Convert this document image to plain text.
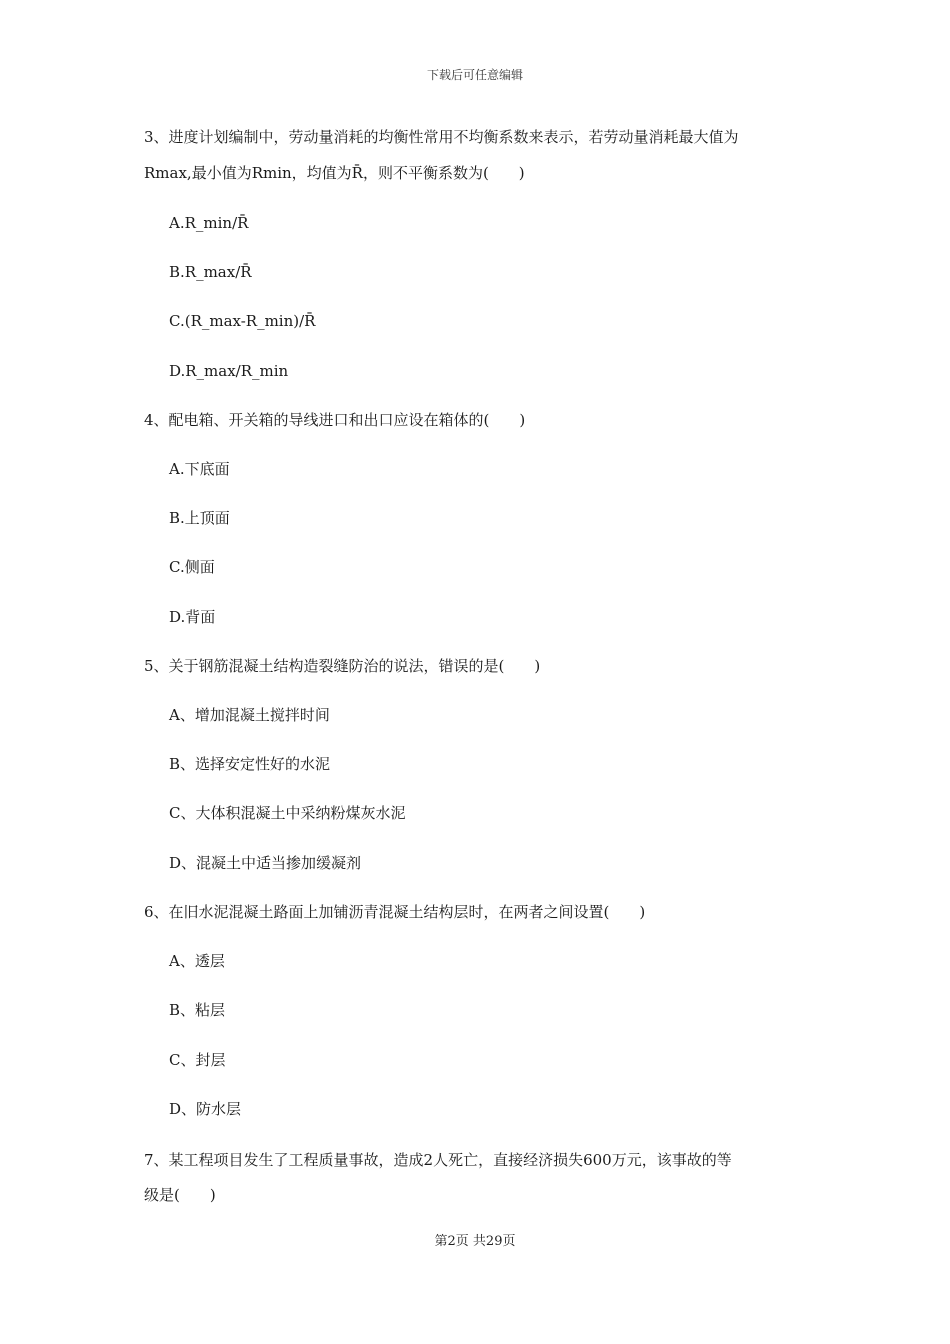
下载后可任意编辑
3、进度计划编制中，劳动量消耗的均衡性常用不均衡系数来表示，若劳动量消耗最大值为
Rmax,最小值为Rmin，均值为R̄，则不平衡系数为(　　)
A.R_min/R̄
B.R_max/R̄
C.(R_max-R_min)/R̄
D.R_max/R_min
4、配电箱、开关箱的导线进口和出口应设在箱体的(　　)
A.下底面
B.上顶面
C.侧面
D.背面
5、关于钢筋混凝土结构造裂缝防治的说法，错误的是(　　)
A、增加混凝土搅拌时间
B、选择安定性好的水泥
C、大体积混凝土中采纳粉煤灰水泥
D、混凝土中适当掺加缓凝剂
6、在旧水泥混凝土路面上加铺沥青混凝土结构层时，在两者之间设置(　　)
A、透层
B、粘层
C、封层
D、防水层
7、某工程项目发生了工程质量事故，造成2人死亡，直接经济损失600万元，该事故的等
级是(　　)
第2页 共29页
